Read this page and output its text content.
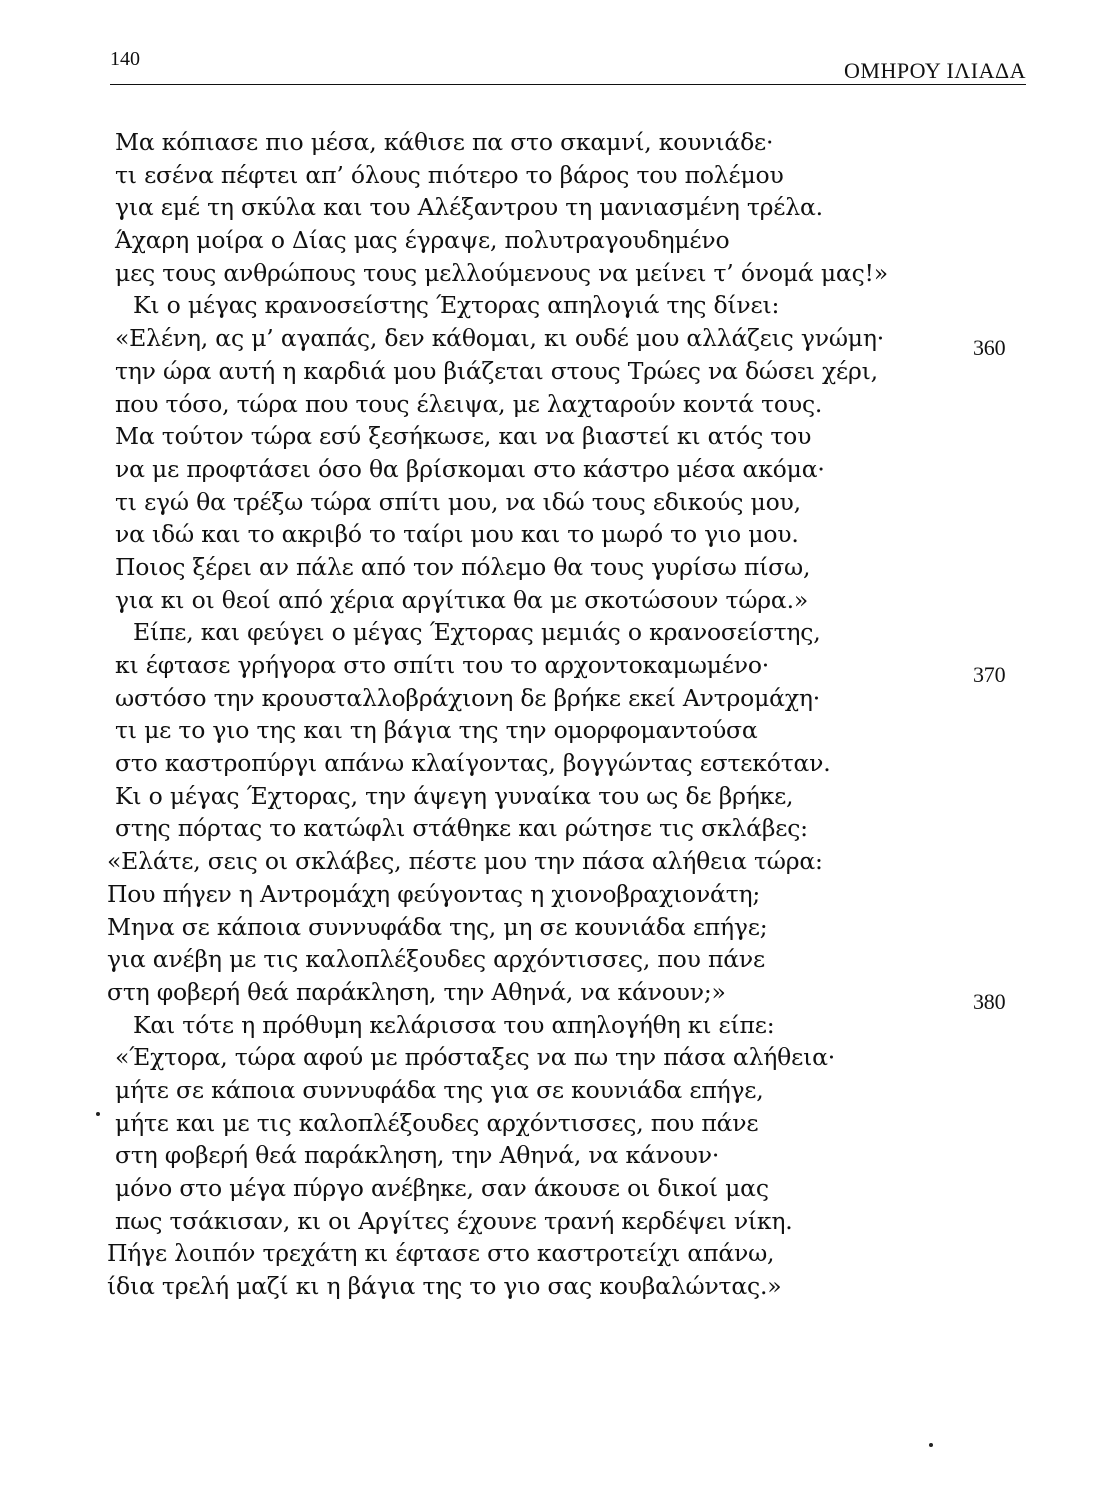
140	ΟΜΗΡΟΥ ΙΛΙΑΔΑ
Μα κόπιασε πιο μέσα, κάθισε πα στο σκαμνί, κουνιάδε·
τι εσένα πέφτει απ’ όλους πιότερο το βάρος του πολέμου
για εμέ τη σκύλα και του Αλέξαντρου τη μανιασμένη τρέλα.
Άχαρη μοίρα ο Δίας μας έγραψε, πολυτραγουδημένο
μες τους ανθρώπους τους μελλούμενους να μείνει τ’ όνομά μας!»
Κι ο μέγας κρανοσείστης Έχτορας απηλογιά της δίνει:
«Ελένη, ας μ’ αγαπάς, δεν κάθομαι, κι ουδέ μου αλλάζεις γνώμη·	360
την ώρα αυτή η καρδιά μου βιάζεται στους Τρώες να δώσει χέρι,
που τόσο, τώρα που τους έλειψα, με λαχταρούν κοντά τους.
Μα τούτον τώρα εσύ ξεσήκωσε, και να βιαστεί κι ατός του
να με προφτάσει όσο θα βρίσκομαι στο κάστρο μέσα ακόμα·
τι εγώ θα τρέξω τώρα σπίτι μου, να ιδώ τους εδικούς μου,
να ιδώ και το ακριβό το ταίρι μου και το μωρό το γιο μου.
Ποιος ξέρει αν πάλε από τον πόλεμο θα τους γυρίσω πίσω,
για κι οι θεοί από χέρια αργίτικα θα με σκοτώσουν τώρα.»
Είπε, και φεύγει ο μέγας Έχτορας μεμιάς ο κρανοσείστης,
κι έφτασε γρήγορα στο σπίτι του το αρχοντοκαμωμένο·	370
ωστόσο την κρουσταλλοβράχιονη δε βρήκε εκεί Αντρομάχη·
τι με το γιο της και τη βάγια της την ομορφομαντούσα
στο καστροπύργι απάνω κλαίγοντας, βογγώντας εστεκόταν.
Κι ο μέγας Έχτορας, την άψεγη γυναίκα του ως δε βρήκε,
στης πόρτας το κατώφλι στάθηκε και ρώτησε τις σκλάβες:
«Ελάτε, σεις οι σκλάβες, πέστε μου την πάσα αλήθεια τώρα:
Που πήγεν η Αντρομάχη φεύγοντας η χιονοβραχιονάτη;
Μηνα σε κάποια συννυφάδα της, μη σε κουνιάδα επήγε;
για ανέβη με τις καλοπλέξουδες αρχόντισσες, που πάνε
στη φοβερή θεά παράκληση, την Αθηνά, να κάνουν;»	380
Και τότε η πρόθυμη κελάρισσα του απηλογήθη κι είπε:
«Έχτορα, τώρα αφού με πρόσταξες να πω την πάσα αλήθεια·
μήτε σε κάποια συννυφάδα της για σε κουνιάδα επήγε,
μήτε και με τις καλοπλέξουδες αρχόντισσες, που πάνε
στη φοβερή θεά παράκληση, την Αθηνά, να κάνουν·
μόνο στο μέγα πύργο ανέβηκε, σαν άκουσε οι δικοί μας
πως τσάκισαν, κι οι Αργίτες έχουνε τρανή κερδέψει νίκη.
Πήγε λοιπόν τρεχάτη κι έφτασε στο καστροτείχι απάνω,
ίδια τρελή μαζί κι η βάγια της το γιο σας κουβαλώντας.»
